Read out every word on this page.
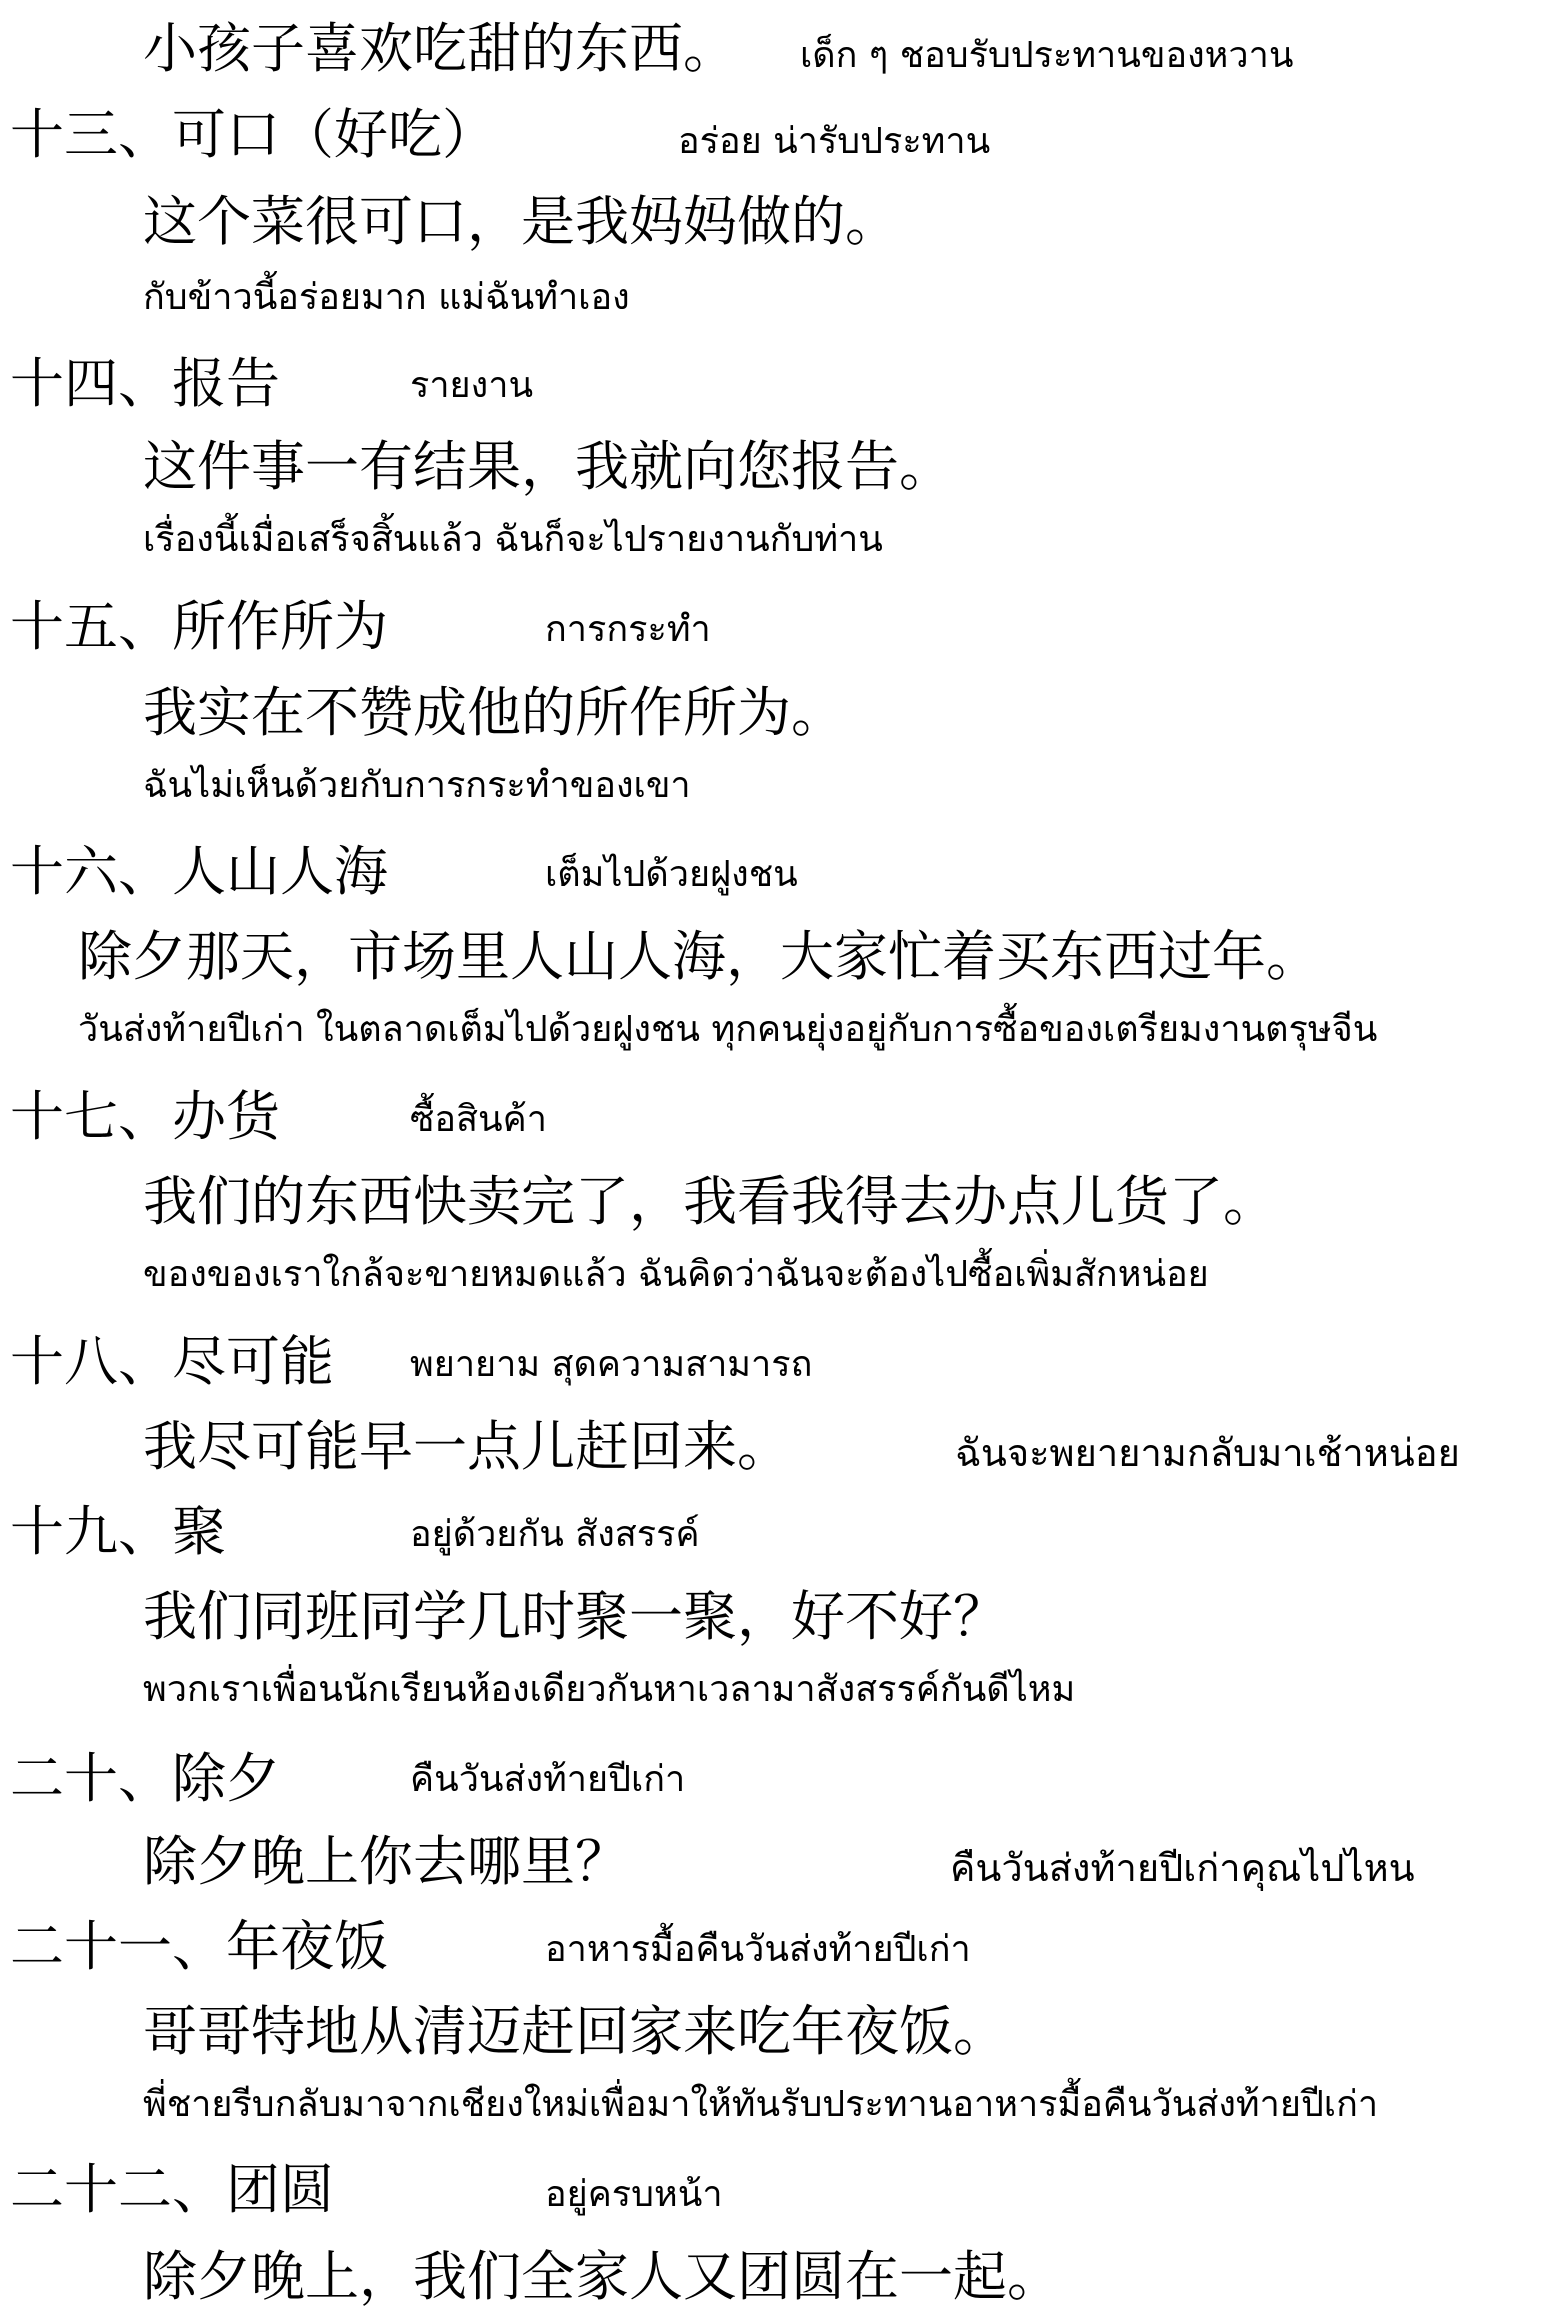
小孩子喜欢吃甜的东西。 เด็ก ๆ ชอบรับประทานของหวาน
十三、可口（好吃）	อร่อย น่ารับประทาน
这个菜很可口，是我妈妈做的。
กับข้าวนี้อร่อยมาก แม่ฉันทำเอง
十四、报告	รายงาน
这件事一有结果，我就向您报告。
เรื่องนี้เมื่อเสร็จสิ้นแล้ว ฉันก็จะไปรายงานกับท่าน
十五、所作所为	การกระทำ
我实在不赞成他的所作所为。
ฉันไม่เห็นด้วยกับการกระทำของเขา
十六、人山人海	เต็มไปด้วยฝูงชน
除夕那天，市场里人山人海，大家忙着买东西过年。
วันส่งท้ายปีเก่า ในตลาดเต็มไปด้วยฝูงชน ทุกคนยุ่งอยู่กับการซื้อของเตรียมงานตรุษจีน
十七、办货	ซื้อสินค้า
我们的东西快卖完了，我看我得去办点儿货了。
ของของเราใกล้จะขายหมดแล้ว ฉันคิดว่าฉันจะต้องไปซื้อเพิ่มสักหน่อย
十八、尽可能 พยายาม สุดความสามารถ
我尽可能早一点儿赶回来。	ฉันจะพยายามกลับมาเช้าหน่อย
十九、聚	อยู่ด้วยกัน สังสรรค์
我们同班同学几时聚一聚，好不好？
พวกเราเพื่อนนักเรียนห้องเดียวกันหาเวลามาสังสรรค์กันดีไหม
二十、除夕	คืนวันส่งท้ายปีเก่า
除夕晚上你去哪里？	คืนวันส่งท้ายปีเก่าคุณไปไหน
二十一、年夜饭	อาหารมื้อคืนวันส่งท้ายปีเก่า
哥哥特地从清迈赶回家来吃年夜饭。
พี่ชายรีบกลับมาจากเชียงใหม่เพื่อมาให้ทันรับประทานอาหารมื้อคืนวันส่งท้ายปีเก่า
二十二、团圆	อยู่ครบหน้า
除夕晚上，我们全家人又团圆在一起。
